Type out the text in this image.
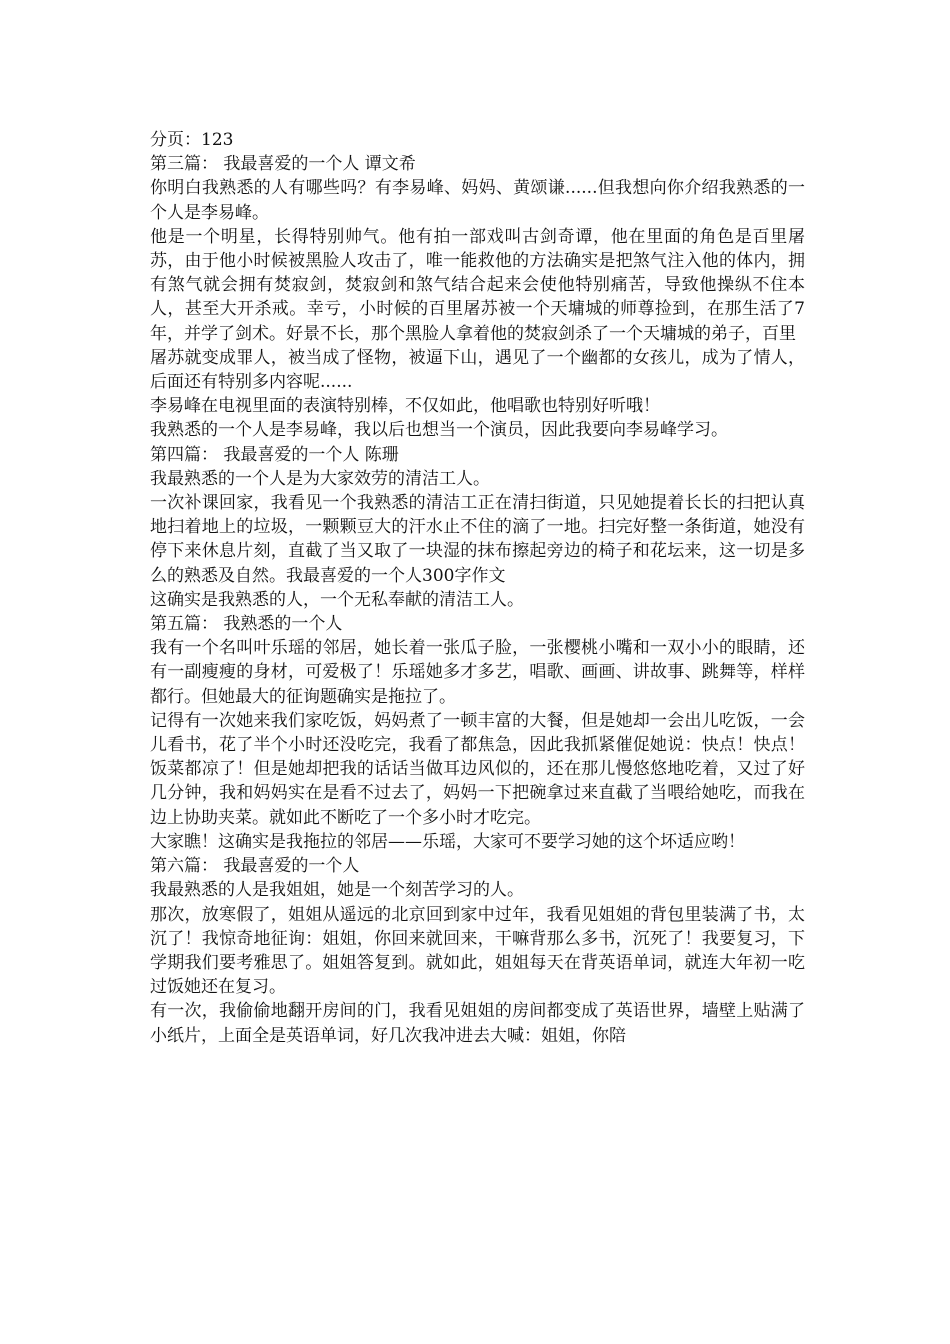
分页：123

第三篇： 我最喜爱的一个人 谭文希

你明白我熟悉的人有哪些吗？有李易峰、妈妈、黄颂谦......但我想向你介绍我熟悉的一个人是李易峰。

他是一个明星，长得特别帅气。他有拍一部戏叫古剑奇谭，他在里面的角色是百里屠苏，由于他小时候被黑脸人攻击了，唯一能救他的方法确实是把煞气注入他的体内，拥有煞气就会拥有焚寂剑，焚寂剑和煞气结合起来会使他特别痛苦，导致他操纵不住本人，甚至大开杀戒。幸亏，小时候的百里屠苏被一个天墉城的师尊捡到，在那生活了7年，并学了剑术。好景不长，那个黑脸人拿着他的焚寂剑杀了一个天墉城的弟子，百里

屠苏就变成罪人，被当成了怪物，被逼下山，遇见了一个幽都的女孩儿，成为了情人，后面还有特别多内容呢......

李易峰在电视里面的表演特别棒，不仅如此，他唱歌也特别好听哦！

我熟悉的一个人是李易峰，我以后也想当一个演员，因此我要向李易峰学习。

第四篇： 我最喜爱的一个人 陈珊

我最熟悉的一个人是为大家效劳的清洁工人。

一次补课回家，我看见一个我熟悉的清洁工正在清扫街道，只见她提着长长的扫把认真地扫着地上的垃圾，一颗颗豆大的汗水止不住的滴了一地。扫完好整一条街道，她没有停下来休息片刻，直截了当又取了一块湿的抹布擦起旁边的椅子和花坛来，这一切是多么的熟悉及自然。我最喜爱的一个人300字作文

这确实是我熟悉的人，一个无私奉献的清洁工人。

第五篇： 我熟悉的一个人

我有一个名叫叶乐瑶的邻居，她长着一张瓜子脸，一张樱桃小嘴和一双小小的眼睛，还有一副瘦瘦的身材，可爱极了！乐瑶她多才多艺，唱歌、画画、讲故事、跳舞等，样样都行。但她最大的征询题确实是拖拉了。

记得有一次她来我们家吃饭，妈妈煮了一顿丰富的大餐，但是她却一会出儿吃饭，一会儿看书，花了半个小时还没吃完，我看了都焦急，因此我抓紧催促她说：快点！快点！饭菜都凉了！但是她却把我的话话当做耳边风似的，还在那儿慢悠悠地吃着，又过了好几分钟，我和妈妈实在是看不过去了，妈妈一下把碗拿过来直截了当喂给她吃，而我在边上协助夹菜。就如此不断吃了一个多小时才吃完。

大家瞧！这确实是我拖拉的邻居——乐瑶，大家可不要学习她的这个坏适应哟！

第六篇： 我最喜爱的一个人

我最熟悉的人是我姐姐，她是一个刻苦学习的人。

那次，放寒假了，姐姐从遥远的北京回到家中过年，我看见姐姐的背包里装满了书，太沉了！我惊奇地征询：姐姐，你回来就回来，干嘛背那么多书，沉死了！我要复习，下学期我们要考雅思了。姐姐答复到。就如此，姐姐每天在背英语单词，就连大年初一吃过饭她还在复习。

有一次，我偷偷地翻开房间的门，我看见姐姐的房间都变成了英语世界，墙壁上贴满了小纸片，上面全是英语单词，好几次我冲进去大喊：姐姐，你陪
